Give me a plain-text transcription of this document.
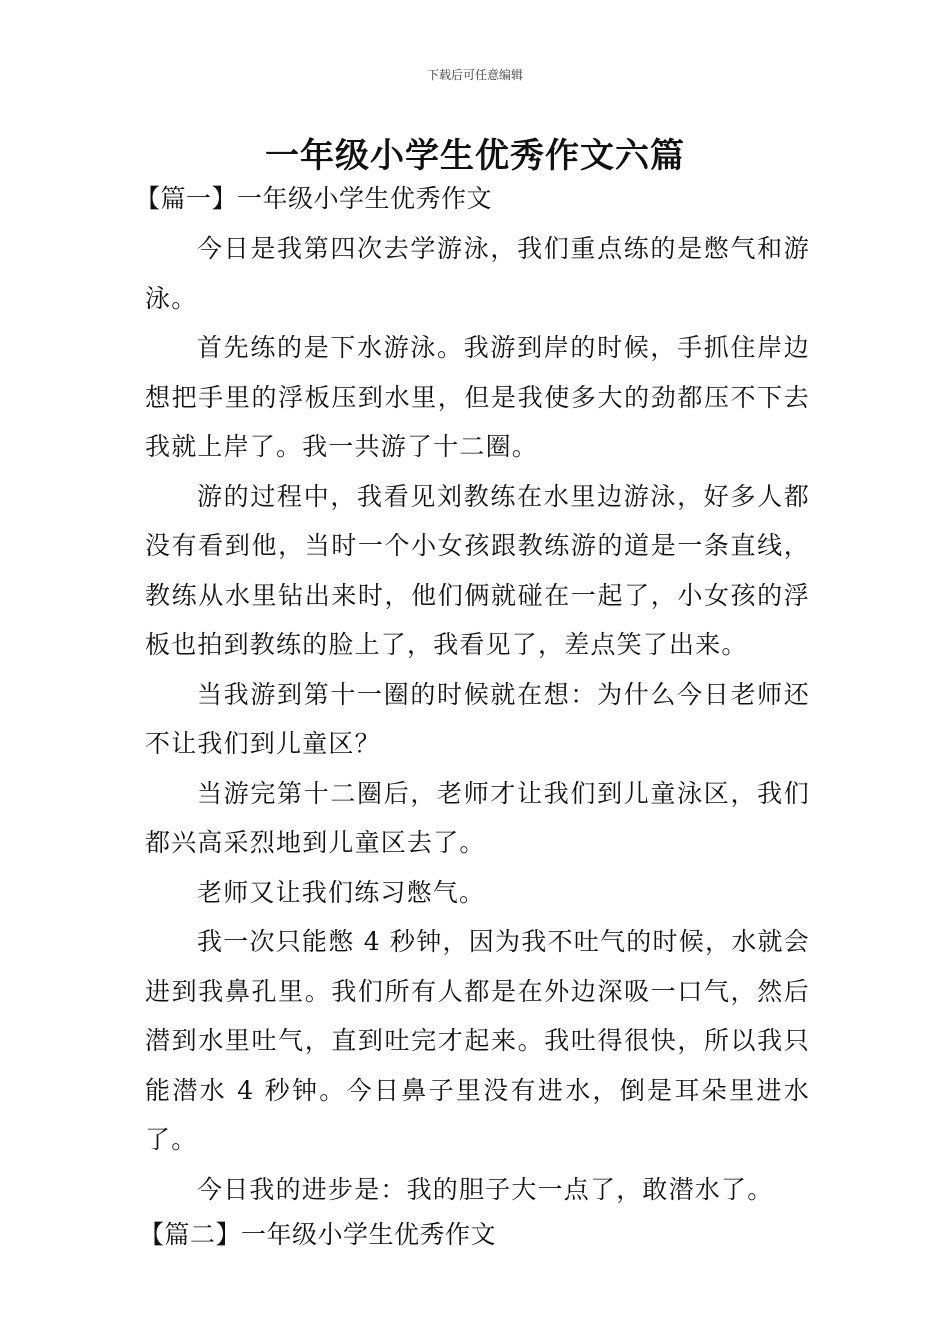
下载后可任意编辑
一年级小学生优秀作文六篇
【篇一】一年级小学生优秀作文

今日是我第四次去学游泳，我们重点练的是憋气和游泳。

首先练的是下水游泳。我游到岸的时候，手抓住岸边想把手里的浮板压到水里，但是我使多大的劲都压不下去我就上岸了。我一共游了十二圈。

游的过程中，我看见刘教练在水里边游泳，好多人都没有看到他，当时一个小女孩跟教练游的道是一条直线，教练从水里钻出来时，他们俩就碰在一起了，小女孩的浮板也拍到教练的脸上了，我看见了，差点笑了出来。

当我游到第十一圈的时候就在想：为什么今日老师还不让我们到儿童区？

当游完第十二圈后，老师才让我们到儿童泳区，我们都兴高采烈地到儿童区去了。

老师又让我们练习憋气。

我一次只能憋 4 秒钟，因为我不吐气的时候，水就会进到我鼻孔里。我们所有人都是在外边深吸一口气，然后潜到水里吐气，直到吐完才起来。我吐得很快，所以我只能潜水 4 秒钟。今日鼻子里没有进水，倒是耳朵里进水了。

今日我的进步是：我的胆子大一点了，敢潜水了。

【篇二】一年级小学生优秀作文
